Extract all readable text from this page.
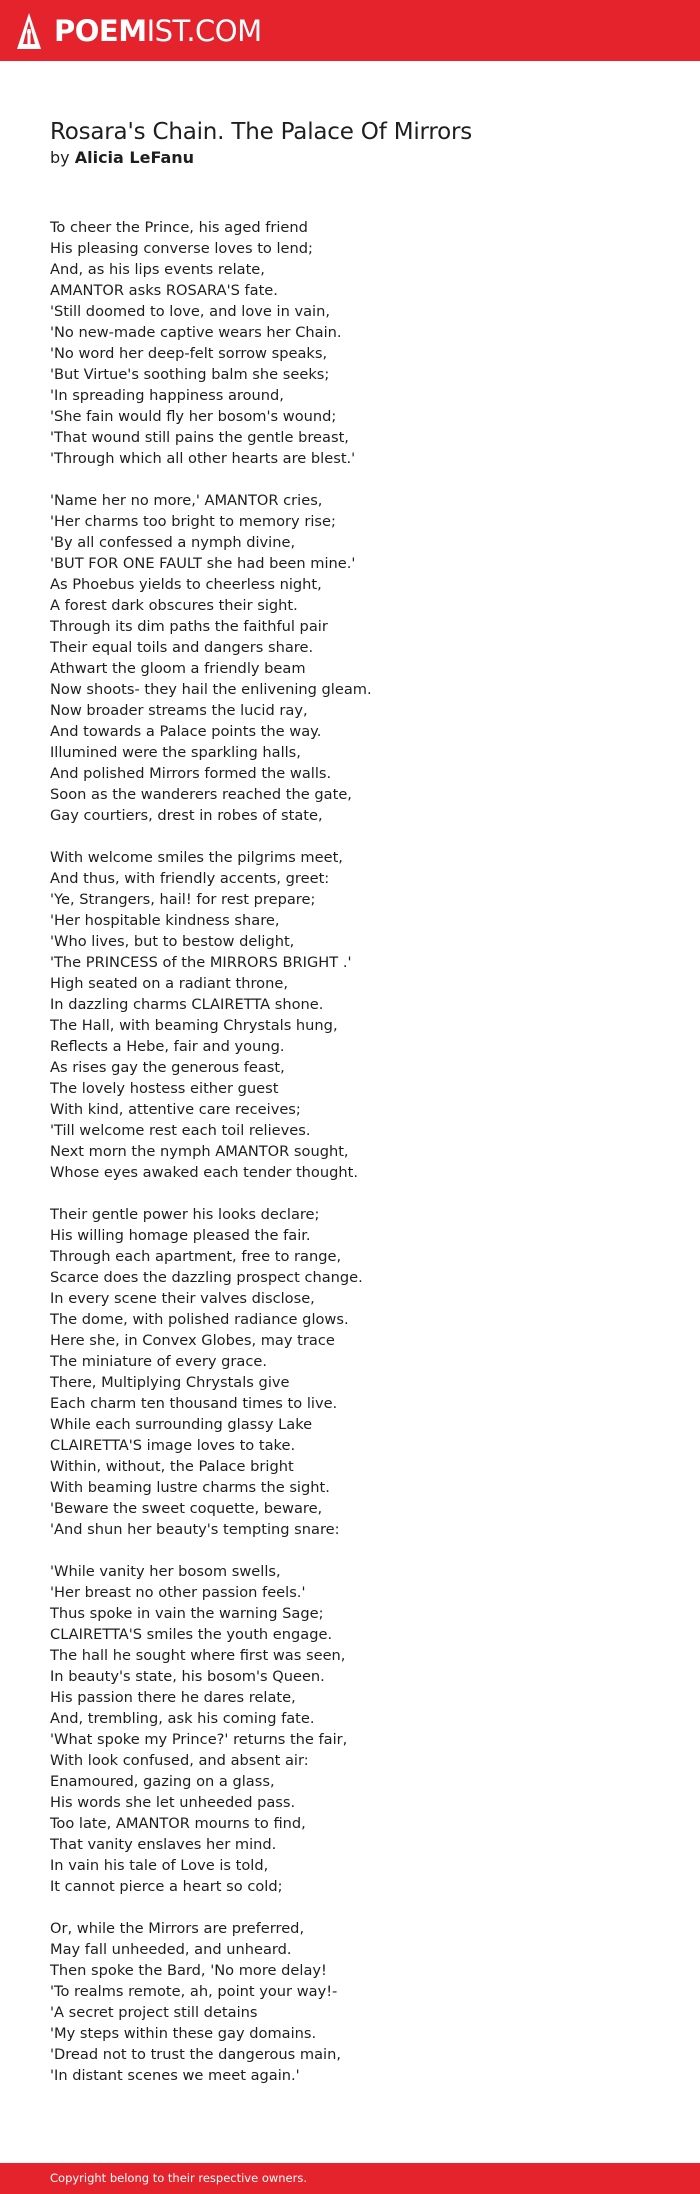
POEMIST.COM
Rosara's Chain. The Palace Of Mirrors
by Alicia LeFanu
To cheer the Prince, his aged friend
His pleasing converse loves to lend;
And, as his lips events relate,
AMANTOR asks ROSARA'S fate.
'Still doomed to love, and love in vain,
'No new-made captive wears her Chain.
'No word her deep-felt sorrow speaks,
'But Virtue's soothing balm she seeks;
'In spreading happiness around,
'She fain would fly her bosom's wound;
'That wound still pains the gentle breast,
'Through which all other hearts are blest.'
'Name her no more,' AMANTOR cries,
'Her charms too bright to memory rise;
'By all confessed a nymph divine,
'BUT FOR ONE FAULT she had been mine.'
As Phoebus yields to cheerless night,
A forest dark obscures their sight.
Through its dim paths the faithful pair
Their equal toils and dangers share.
Athwart the gloom a friendly beam
Now shoots- they hail the enlivening gleam.
Now broader streams the lucid ray,
And towards a Palace points the way.
Illumined were the sparkling halls,
And polished Mirrors formed the walls.
Soon as the wanderers reached the gate,
Gay courtiers, drest in robes of state,
With welcome smiles the pilgrims meet,
And thus, with friendly accents, greet:
'Ye, Strangers, hail! for rest prepare;
'Her hospitable kindness share,
'Who lives, but to bestow delight,
'The PRINCESS of the MIRRORS BRIGHT .'
High seated on a radiant throne,
In dazzling charms CLAIRETTA shone.
The Hall, with beaming Chrystals hung,
Reflects a Hebe, fair and young.
As rises gay the generous feast,
The lovely hostess either guest
With kind, attentive care receives;
'Till welcome rest each toil relieves.
Next morn the nymph AMANTOR sought,
Whose eyes awaked each tender thought.
Their gentle power his looks declare;
His willing homage pleased the fair.
Through each apartment, free to range,
Scarce does the dazzling prospect change.
In every scene their valves disclose,
The dome, with polished radiance glows.
Here she, in Convex Globes, may trace
The miniature of every grace.
There, Multiplying Chrystals give
Each charm ten thousand times to live.
While each surrounding glassy Lake
CLAIRETTA'S image loves to take.
Within, without, the Palace bright
With beaming lustre charms the sight.
'Beware the sweet coquette, beware,
'And shun her beauty's tempting snare:
'While vanity her bosom swells,
'Her breast no other passion feels.'
Thus spoke in vain the warning Sage;
CLAIRETTA'S smiles the youth engage.
The hall he sought where first was seen,
In beauty's state, his bosom's Queen.
His passion there he dares relate,
And, trembling, ask his coming fate.
'What spoke my Prince?' returns the fair,
With look confused, and absent air:
Enamoured, gazing on a glass,
His words she let unheeded pass.
Too late, AMANTOR mourns to find,
That vanity enslaves her mind.
In vain his tale of Love is told,
It cannot pierce a heart so cold;
Or, while the Mirrors are preferred,
May fall unheeded, and unheard.
Then spoke the Bard, 'No more delay!
'To realms remote, ah, point your way!-
'A secret project still detains
'My steps within these gay domains.
'Dread not to trust the dangerous main,
'In distant scenes we meet again.'
Copyright belong to their respective owners.
